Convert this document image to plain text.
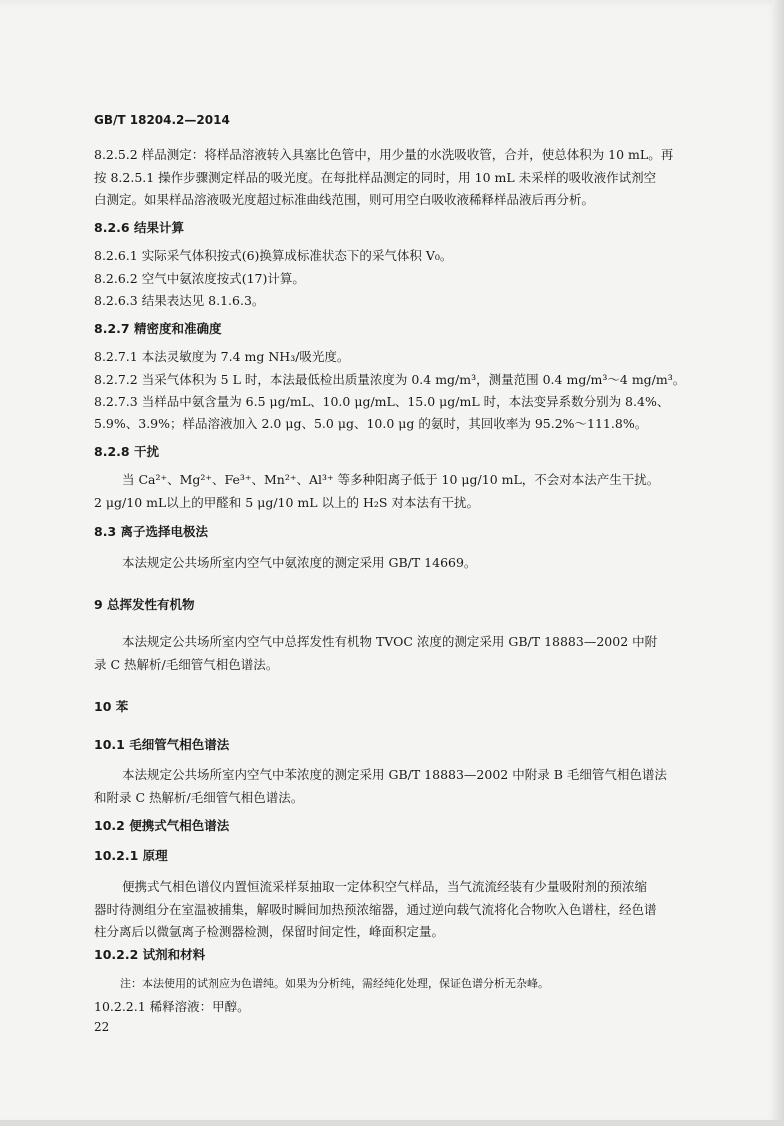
GB/T 18204.2—2014
8.2.5.2 样品测定：将样品溶液转入具塞比色管中，用少量的水洗吸收管，合并，使总体积为 10 mL。再
按 8.2.5.1 操作步骤测定样品的吸光度。在每批样品测定的同时，用 10 mL 未采样的吸收液作试剂空
白测定。如果样品溶液吸光度超过标准曲线范围，则可用空白吸收液稀释样品液后再分析。
8.2.6 结果计算
8.2.6.1 实际采气体积按式(6)换算成标准状态下的采气体积 V₀。
8.2.6.2 空气中氨浓度按式(17)计算。
8.2.6.3 结果表达见 8.1.6.3。
8.2.7 精密度和准确度
8.2.7.1 本法灵敏度为 7.4 mg NH₃/吸光度。
8.2.7.2 当采气体积为 5 L 时，本法最低检出质量浓度为 0.4 mg/m³，测量范围 0.4 mg/m³～4 mg/m³。
8.2.7.3 当样品中氨含量为 6.5 μg/mL、10.0 μg/mL、15.0 μg/mL 时，本法变异系数分别为 8.4%、
5.9%、3.9%；样品溶液加入 2.0 μg、5.0 μg、10.0 μg 的氨时，其回收率为 95.2%～111.8%。
8.2.8 干扰
当 Ca²⁺、Mg²⁺、Fe³⁺、Mn²⁺、Al³⁺ 等多种阳离子低于 10 μg/10 mL，不会对本法产生干扰。
2 μg/10 mL以上的甲醛和 5 μg/10 mL 以上的 H₂S 对本法有干扰。
8.3 离子选择电极法
本法规定公共场所室内空气中氨浓度的测定采用 GB/T 14669。
9 总挥发性有机物
本法规定公共场所室内空气中总挥发性有机物 TVOC 浓度的测定采用 GB/T 18883—2002 中附
录 C 热解析/毛细管气相色谱法。
10 苯
10.1 毛细管气相色谱法
本法规定公共场所室内空气中苯浓度的测定采用 GB/T 18883—2002 中附录 B 毛细管气相色谱法
和附录 C 热解析/毛细管气相色谱法。
10.2 便携式气相色谱法
10.2.1 原理
便携式气相色谱仪内置恒流采样泵抽取一定体积空气样品，当气流流经装有少量吸附剂的预浓缩
器时待测组分在室温被捕集，解吸时瞬间加热预浓缩器，通过逆向载气流将化合物吹入色谱柱，经色谱
柱分离后以微氩离子检测器检测，保留时间定性，峰面积定量。
10.2.2 试剂和材料
注：本法使用的试剂应为色谱纯。如果为分析纯，需经纯化处理，保证色谱分析无杂峰。
10.2.2.1 稀释溶液：甲醇。
22
